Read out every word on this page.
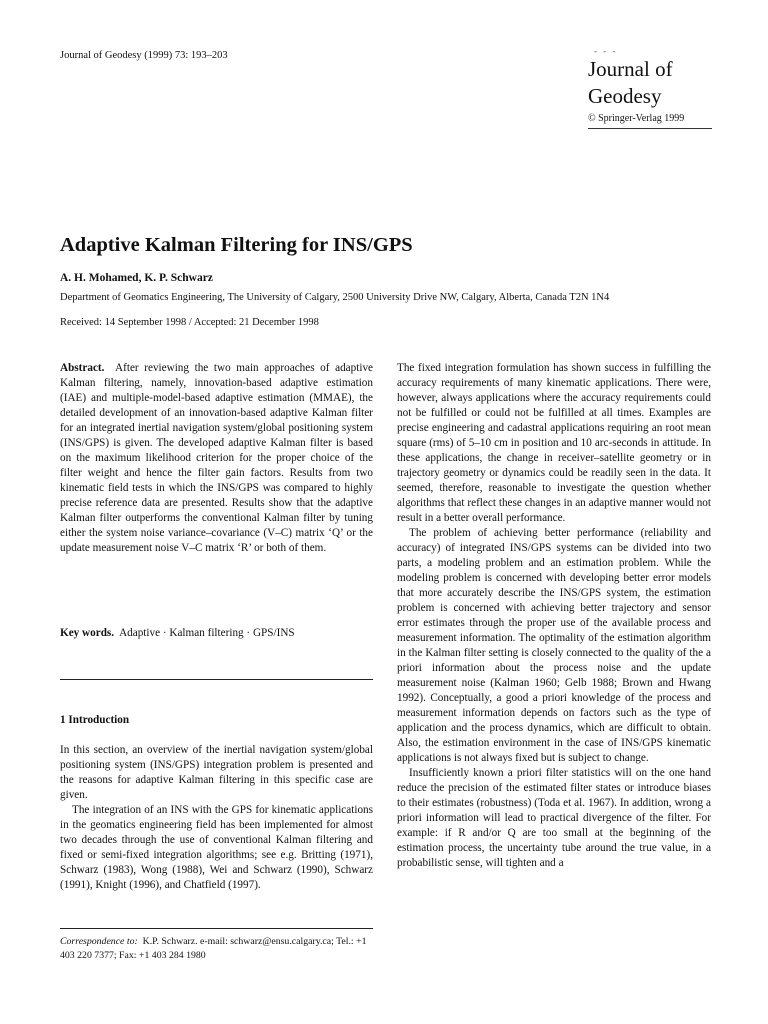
Journal of Geodesy (1999) 73: 193–203	‐ ‐ ‐
Journal of
Geodesy
© Springer-Verlag 1999
Adaptive Kalman Filtering for INS/GPS
A. H. Mohamed, K. P. Schwarz
Department of Geomatics Engineering, The University of Calgary, 2500 University Drive NW, Calgary, Alberta, Canada T2N 1N4
Received: 14 September 1998 / Accepted: 21 December 1998

Abstract. After reviewing the two main approaches of adaptive Kalman filtering, namely, innovation-based adaptive estimation (IAE) and multiple-model-based adaptive estimation (MMAE), the detailed development of an innovation-based adaptive Kalman filter for an integrated inertial navigation system/global positioning system (INS/GPS) is given. The developed adaptive Kalman filter is based on the maximum likelihood criterion for the proper choice of the filter weight and hence the filter gain factors. Results from two kinematic field tests in which the INS/GPS was compared to highly precise reference data are presented. Results show that the adaptive Kalman filter outperforms the conventional Kalman filter by tuning either the system noise variance–covariance (V–C) matrix ‘Q’ or the update measurement noise V–C matrix ‘R’ or both of them.

Key words. Adaptive · Kalman filtering · GPS/INS
1 Introduction

In this section, an overview of the inertial navigation system/global positioning system (INS/GPS) integration problem is presented and the reasons for adaptive Kalman filtering in this specific case are given.

The integration of an INS with the GPS for kinematic applications in the geomatics engineering field has been implemented for almost two decades through the use of conventional Kalman filtering and fixed or semi-fixed integration algorithms; see e.g. Britting (1971), Schwarz (1983), Wong (1988), Wei and Schwarz (1990), Schwarz (1991), Knight (1996), and Chatfield (1997).

Correspondence to: K.P. Schwarz. e-mail: schwarz@ensu.calgary.ca; Tel.: +1 403 220 7377; Fax: +1 403 284 1980

The fixed integration formulation has shown success in fulfilling the accuracy requirements of many kinematic applications. There were, however, always applications where the accuracy requirements could not be fulfilled or could not be fulfilled at all times. Examples are precise engineering and cadastral applications requiring an root mean square (rms) of 5–10 cm in position and 10 arc-seconds in attitude. In these applications, the change in receiver–satellite geometry or in trajectory geometry or dynamics could be readily seen in the data. It seemed, therefore, reasonable to investigate the question whether algorithms that reflect these changes in an adaptive manner would not result in a better overall performance.

The problem of achieving better performance (reliability and accuracy) of integrated INS/GPS systems can be divided into two parts, a modeling problem and an estimation problem. While the modeling problem is concerned with developing better error models that more accurately describe the INS/GPS system, the estimation problem is concerned with achieving better trajectory and sensor error estimates through the proper use of the available process and measurement information. The optimality of the estimation algorithm in the Kalman filter setting is closely connected to the quality of the a priori information about the process noise and the update measurement noise (Kalman 1960; Gelb 1988; Brown and Hwang 1992). Conceptually, a good a priori knowledge of the process and measurement information depends on factors such as the type of application and the process dynamics, which are difficult to obtain. Also, the estimation environment in the case of INS/GPS kinematic applications is not always fixed but is subject to change.

Insufficiently known a priori filter statistics will on the one hand reduce the precision of the estimated filter states or introduce biases to their estimates (robustness) (Toda et al. 1967). In addition, wrong a priori information will lead to practical divergence of the filter. For example: if R and/or Q are too small at the beginning of the estimation process, the uncertainty tube around the true value, in a probabilistic sense, will tighten and a
